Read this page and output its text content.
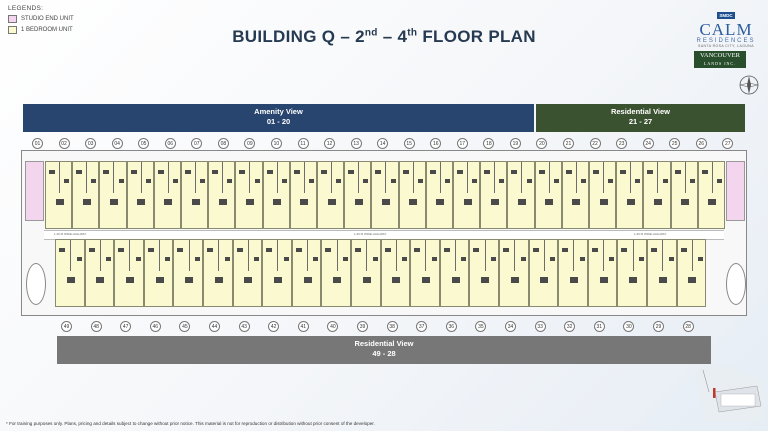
LEGENDS:
STUDIO END UNIT
1 BEDROOM UNIT	BUILDING Q – 2nd – 4th FLOOR PLAN
SMDC
CALM
RESIDENCES
SANTA ROSA CITY, LAGUNA
VANCOUVER
LANDS INC.
Amenity View
01 - 20
Residential View
21 - 27
Residential View
49 - 28
01	02	03	04	05	06	07	08	09	10	11	12	13	14	15	16	17	18	19	20	21	22	23	24	25	26	27
49	48	47	46	45	44	43	42	41	40	39	38	37	36	35	34	33	32	31	30	29	28
1.20 M WIDE HALLWAY	1.20 M WIDE HALLWAY	1.20 M WIDE HALLWAY
* For training purposes only. Plans, pricing and details subject to change without prior notice. This material is not for reproduction or distribution without prior consent of the developer.
